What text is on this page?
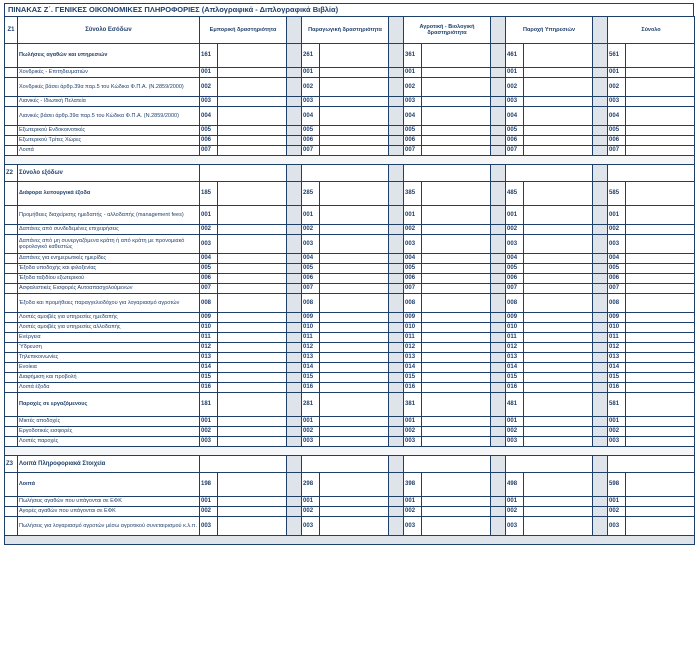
ΠΙΝΑΚΑΣ Ζ΄. ΓΕΝΙΚΕΣ ΟΙΚΟΝΟΜΙΚΕΣ ΠΛΗΡΟΦΟΡΙΕΣ (Απλογραφικά - Διπλογραφικά Βιβλία)
Ζ1	Σύνολο Εσόδων	Εμπορική δραστηριότητα			Παραγωγική δραστηριότητα			Αγροτική - Βιολογική δραστηριότητα			Παροχή Υπηρεσιών			Σύνολο	
	Πωλήσεις αγαθών και υπηρεσιών	161			261			361			461			561	
	Χονδρικές - Επιτηδευματιών	001			001			001			001			001	
	Χονδρικές βάσει άρθρ.39α παρ.5 του Κώδικα Φ.Π.Α. (Ν.2859/2000)	002			002			002			002			002	
	Λιανικές - Ιδιωτική Πελατεία	003			003			003			003			003	
	Λιανικές βάσει άρθρ.39α παρ.5 του Κώδικα Φ.Π.Α. (Ν.2859/2000)	004			004			004			004			004	
	Εξωτερικού Ενδοκοινοτικές	005			005			005			005			005	
	Εξωτερικού Τρίτες Χώρες	006			006			006			006			006	
	Λοιπά	007			007			007			007			007	

Ζ2	Σύνολο εξόδων														
	Διάφορα λειτουργικά έξοδα	185			285			385			485			585	
	Προμήθειες διαχείρισης ημεδαπής - αλλοδαπής (management fees)	001			001			001			001			001	
	Δαπάνες από συνδεδεμένες επιχειρήσεις	002			002			002			002			002	
	Δαπάνες από μη συνεργαζόμενα κράτη ή από κράτη με προνομιακό φορολογικό καθεστώς	003			003			003			003			003	
	Δαπάνες για ενημερωτικές ημερίδες	004			004			004			004			004	
	Έξοδα υποδοχής και φιλοξενίας	005			005			005			005			005	
	Έξοδα ταξιδίου εξωτερικού	006			006			006			006			006	
	Ασφαλιστικές Εισφορές Αυτοαπασχολούμενων	007			007			007			007			007	
	Έξοδα και προμήθειες παραγγελιοδόχου για λογαριασμό αγροτών	008			008			008			008			008	
	Λοιπές αμοιβές για υπηρεσίες ημεδαπής	009			009			009			009			009	
	Λοιπές αμοιβές για υπηρεσίες αλλοδαπής	010			010			010			010			010	
	Ενέργεια	011			011			011			011			011	
	Ύδρευση	012			012			012			012			012	
	Τηλεπικοινωνίες	013			013			013			013			013	
	Ενοίκια	014			014			014			014			014	
	Διαφήμιση και προβολή	015			015			015			015			015	
	Λοιπά έξοδα	016			016			016			016			016	
	Παροχές σε εργαζόμενους	181			281			381			481			581	
	Μικτές αποδοχές	001			001			001			001			001	
	Εργοδοτικές εισφορές	002			002			002			002			002	
	Λοιπές παροχές	003			003			003			003			003	

Ζ3	Λοιπά Πληροφοριακά Στοιχεία														
	Λοιπά	198			298			398			498			598	
	Πωλήσεις αγαθών που υπάγονται σε ΕΦΚ	001			001			001			001			001	
	Αγορές αγαθών που υπάγονται σε ΕΦΚ	002			002			002			002			002	
	Πωλήσεις για λογαριασμό αγροτών μέσω αγροτικού συνεταιρισμού κ.λ.π.	003			003			003			003			003	
